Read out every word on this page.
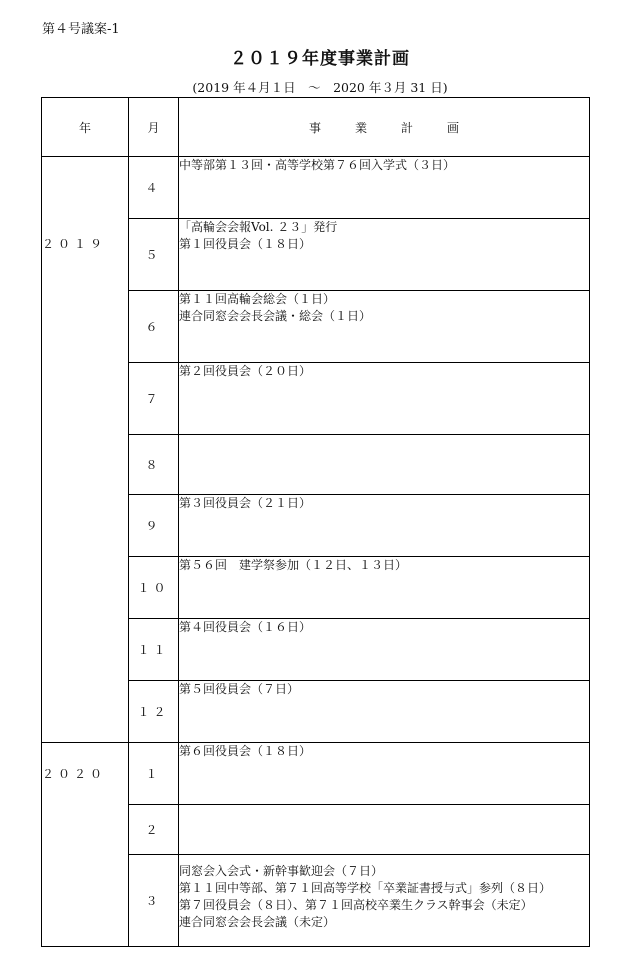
第４号議案-1
２０１９年度事業計画
(2019 年４月１日　～　2020 年３月 31 日)
年	月	事業計画
２０１９	４	中等部第１３回・高等学校第７６回入学式（３日）

	５	「高輪会会報Vol. ２３」発行
第１回役員会（１８日）

	６	第１１回高輪会総会（１日）
連合同窓会会長会議・総会（１日）

	７	第２回役員会（２０日）

	８	
	９	第３回役員会（２１日）

	１０	第５６回　建学祭参加（１２日、１３日）

	１１	第４回役員会（１６日）

	１２	第５回役員会（７日）

２０２０	１	第６回役員会（１８日）

	２	
	３	同窓会入会式・新幹事歓迎会（７日）
第１１回中等部、第７１回高等学校「卒業証書授与式」参列（８日）
第７回役員会（８日）、第７１回高校卒業生クラス幹事会（未定）
連合同窓会会長会議（未定）
